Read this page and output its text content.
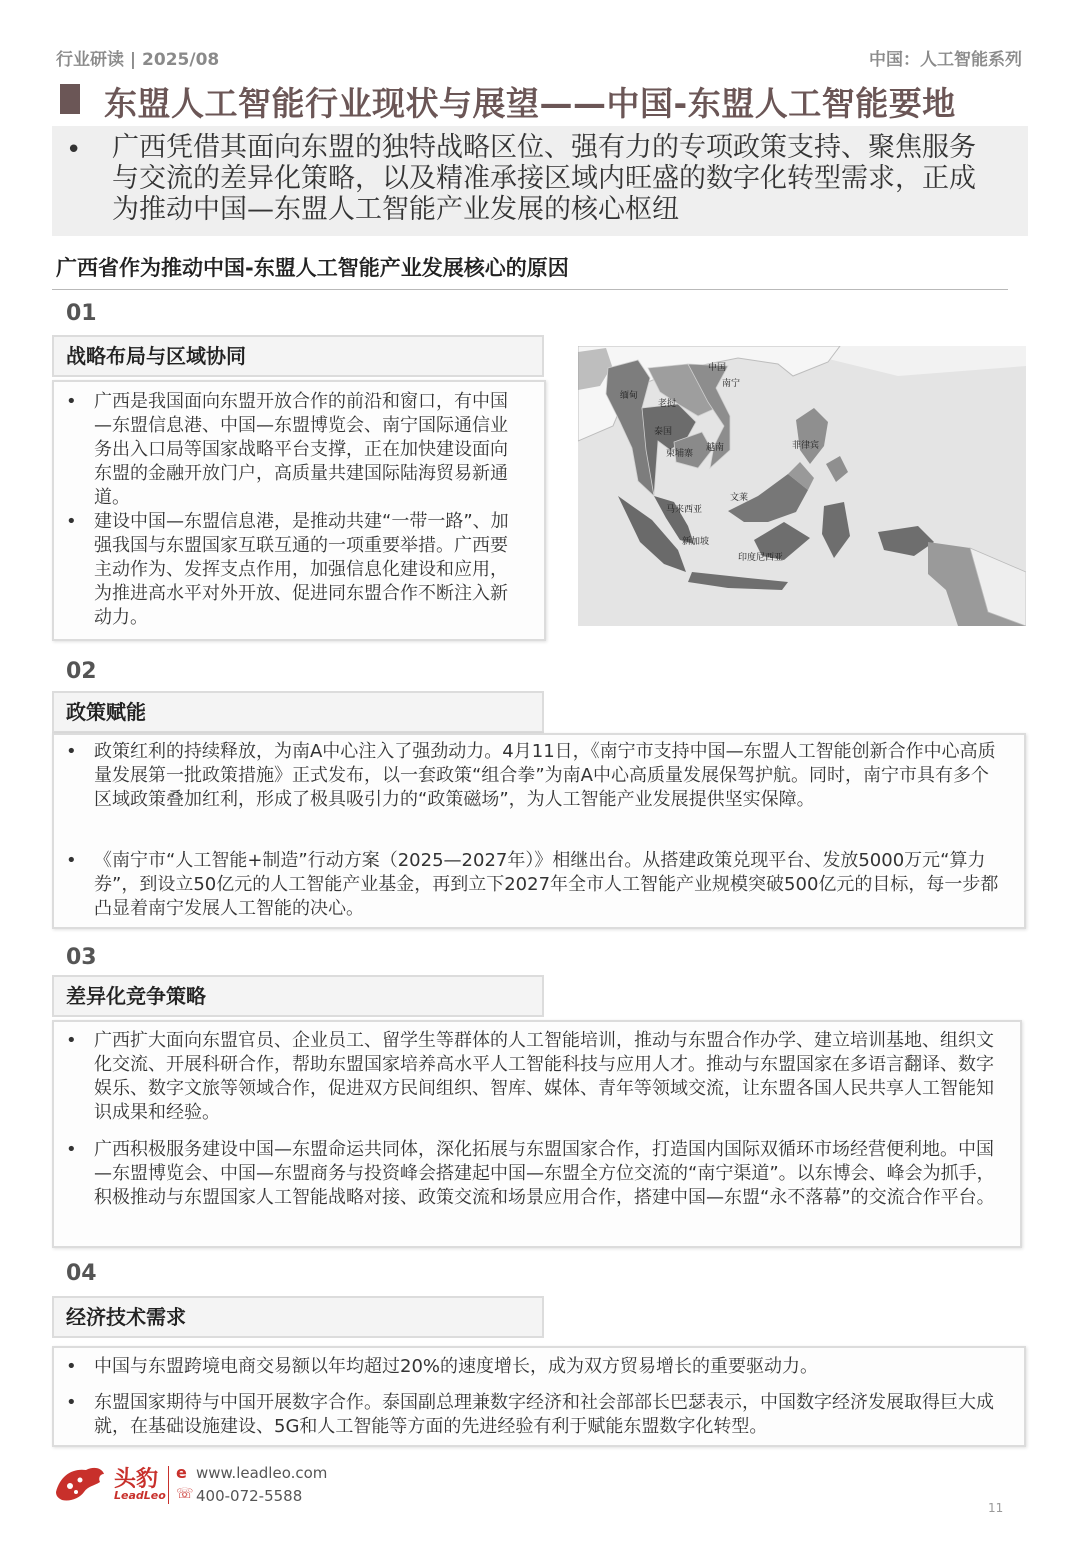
行业研读 | 2025/08	中国：人工智能系列
东盟人工智能行业现状与展望——中国-东盟人工智能要地
• 广西凭借其面向东盟的独特战略区位、强有力的专项政策支持、聚焦服务与交流的差异化策略，以及精准承接区域内旺盛的数字化转型需求，正成为推动中国—东盟人工智能产业发展的核心枢纽
广西省作为推动中国-东盟人工智能产业发展核心的原因
01
战略布局与区域协同
• 广西是我国面向东盟开放合作的前沿和窗口，有中国—东盟信息港、中国—东盟博览会、南宁国际通信业务出入口局等国家战略平台支撑，正在加快建设面向东盟的金融开放门户，高质量共建国际陆海贸易新通道。
• 建设中国—东盟信息港，是推动共建“一带一路”、加强我国与东盟国家互联互通的一项重要举措。广西要主动作为、发挥支点作用，加强信息化建设和应用，为推进高水平对外开放、促进同东盟合作不断注入新动力。
中国
南宁
缅甸
老挝
泰国
越南
柬埔寨
菲律宾
文莱
马来西亚
新加坡
印度尼西亚
02
政策赋能
• 政策红利的持续释放，为南A中心注入了强劲动力。4月11日，《南宁市支持中国—东盟人工智能创新合作中心高质量发展第一批政策措施》正式发布，以一套政策“组合拳”为南A中心高质量发展保驾护航。同时，南宁市具有多个区域政策叠加红利，形成了极具吸引力的“政策磁场”，为人工智能产业发展提供坚实保障。
• 《南宁市“人工智能+制造”行动方案（2025—2027年）》相继出台。从搭建政策兑现平台、发放5000万元“算力券”，到设立50亿元的人工智能产业基金，再到立下2027年全市人工智能产业规模突破500亿元的目标，每一步都凸显着南宁发展人工智能的决心。
03
差异化竞争策略
• 广西扩大面向东盟官员、企业员工、留学生等群体的人工智能培训，推动与东盟合作办学、建立培训基地、组织文化交流、开展科研合作，帮助东盟国家培养高水平人工智能科技与应用人才。推动与东盟国家在多语言翻译、数字娱乐、数字文旅等领域合作，促进双方民间组织、智库、媒体、青年等领域交流，让东盟各国人民共享人工智能知识成果和经验。
• 广西积极服务建设中国—东盟命运共同体，深化拓展与东盟国家合作，打造国内国际双循环市场经营便利地。中国—东盟博览会、中国—东盟商务与投资峰会搭建起中国—东盟全方位交流的“南宁渠道”。以东博会、峰会为抓手，积极推动与东盟国家人工智能战略对接、政策交流和场景应用合作，搭建中国—东盟“永不落幕”的交流合作平台。
04
经济技术需求
• 中国与东盟跨境电商交易额以年均超过20%的速度增长，成为双方贸易增长的重要驱动力。
• 东盟国家期待与中国开展数字合作。泰国副总理兼数字经济和社会部部长巴瑟表示，中国数字经济发展取得巨大成就，在基础设施建设、5G和人工智能等方面的先进经验有利于赋能东盟数字化转型。
头豹
LeadLeo
e www.leadleo.com
☏ 400-072-5588
11
